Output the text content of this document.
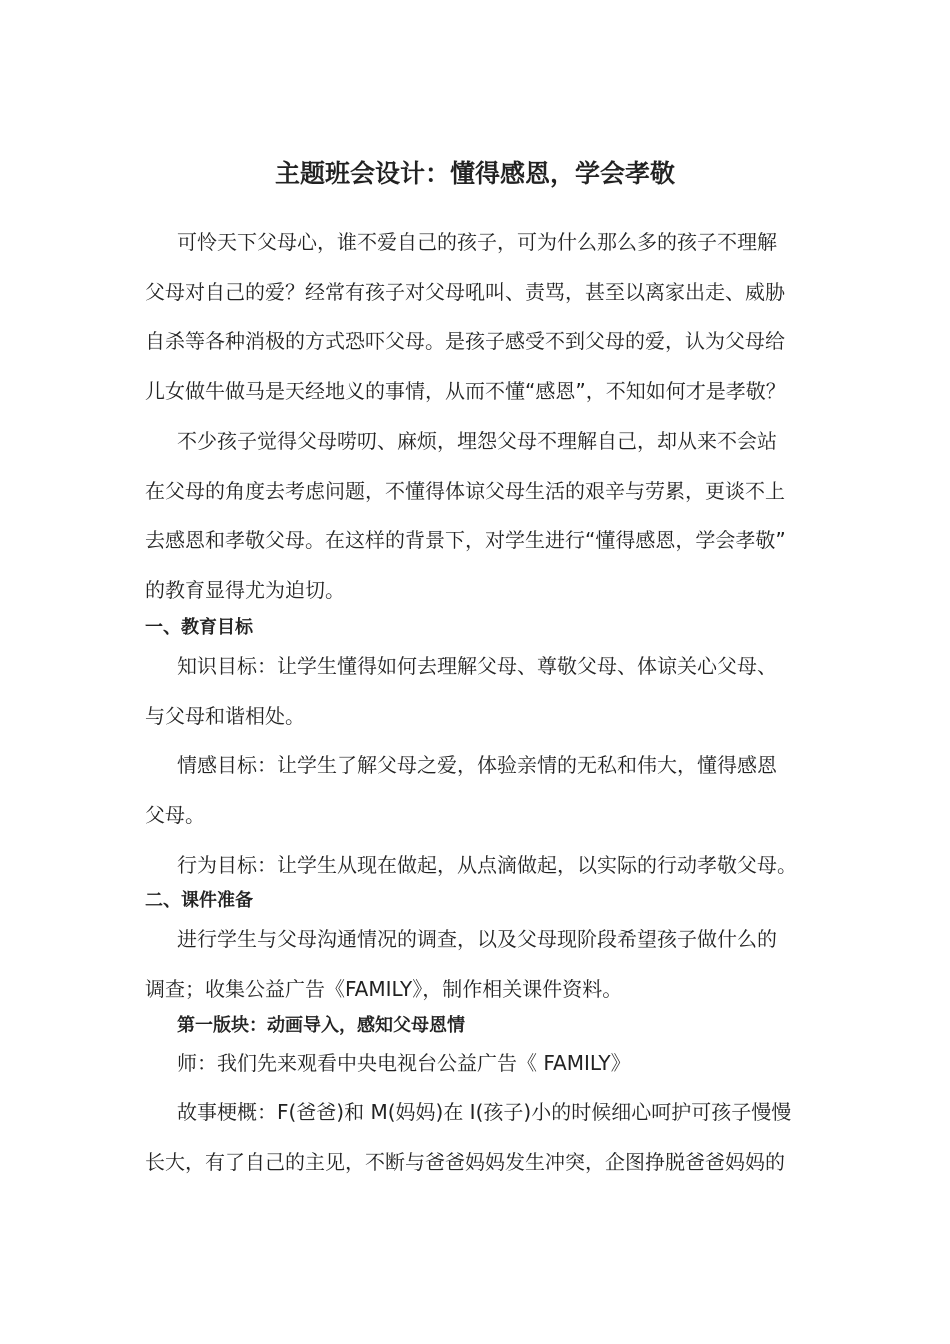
主题班会设计：懂得感恩，学会孝敬
可怜天下父母心，谁不爱自己的孩子，可为什么那么多的孩子不理解
父母对自己的爱？经常有孩子对父母吼叫、责骂，甚至以离家出走、威胁
自杀等各种消极的方式恐吓父母。是孩子感受不到父母的爱，认为父母给
儿女做牛做马是天经地义的事情，从而不懂“感恩”，不知如何才是孝敬？
不少孩子觉得父母唠叨、麻烦，埋怨父母不理解自己，却从来不会站
在父母的角度去考虑问题，不懂得体谅父母生活的艰辛与劳累，更谈不上
去感恩和孝敬父母。在这样的背景下，对学生进行“懂得感恩，学会孝敬”
的教育显得尤为迫切。
一、教育目标
知识目标：让学生懂得如何去理解父母、尊敬父母、体谅关心父母、
与父母和谐相处。
情感目标：让学生了解父母之爱，体验亲情的无私和伟大，懂得感恩
父母。
行为目标：让学生从现在做起，从点滴做起，以实际的行动孝敬父母。
二、课件准备
进行学生与父母沟通情况的调查，以及父母现阶段希望孩子做什么的
调查；收集公益广告《FAMILY》，制作相关课件资料。
第一版块：动画导入，感知父母恩情
师：我们先来观看中央电视台公益广告《 FAMILY》
故事梗概：F(爸爸)和 M(妈妈)在 I(孩子)小的时候细心呵护可孩子慢慢
长大，有了自己的主见，不断与爸爸妈妈发生冲突，企图挣脱爸爸妈妈的
